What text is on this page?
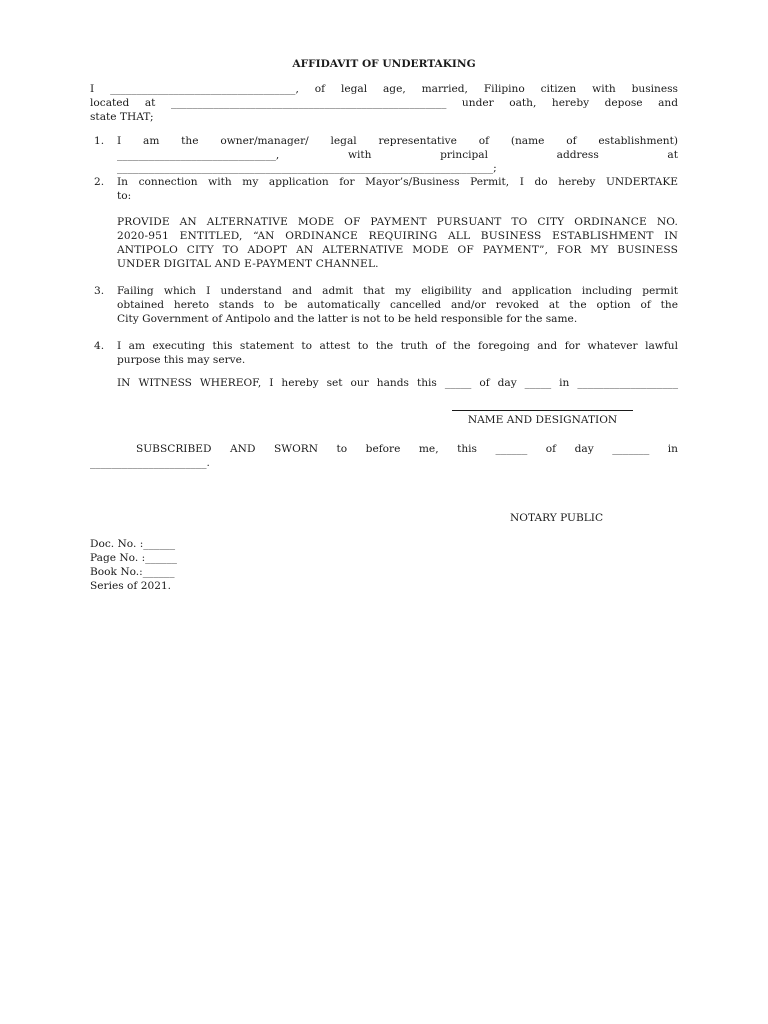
AFFIDAVIT OF UNDERTAKING
I ___________________________________, of legal age, married, Filipino citizen with business
located at ____________________________________________________ under oath, hereby depose and
state THAT;
1. I am the owner/manager/ legal representative of (name of establishment)
______________________________, with principal address at
_______________________________________________________________________;
2. In connection with my application for Mayor’s/Business Permit, I do hereby UNDERTAKE
to:
PROVIDE AN ALTERNATIVE MODE OF PAYMENT PURSUANT TO CITY ORDINANCE NO.
2020-951 ENTITLED, “AN ORDINANCE REQUIRING ALL BUSINESS ESTABLISHMENT IN
ANTIPOLO CITY TO ADOPT AN ALTERNATIVE MODE OF PAYMENT”, FOR MY BUSINESS
UNDER DIGITAL AND E-PAYMENT CHANNEL.
3. Failing which I understand and admit that my eligibility and application including permit
obtained hereto stands to be automatically cancelled and/or revoked at the option of the
City Government of Antipolo and the latter is not to be held responsible for the same.
4. I am executing this statement to attest to the truth of the foregoing and for whatever lawful
purpose this may serve.
IN WITNESS WHEREOF, I hereby set our hands this _____ of day _____ in ___________________
NAME AND DESIGNATION
SUBSCRIBED AND SWORN to before me, this ______ of day _______ in
______________________.
NOTARY PUBLIC
Doc. No. :______
Page No. :______
Book No.:______
Series of 2021.
